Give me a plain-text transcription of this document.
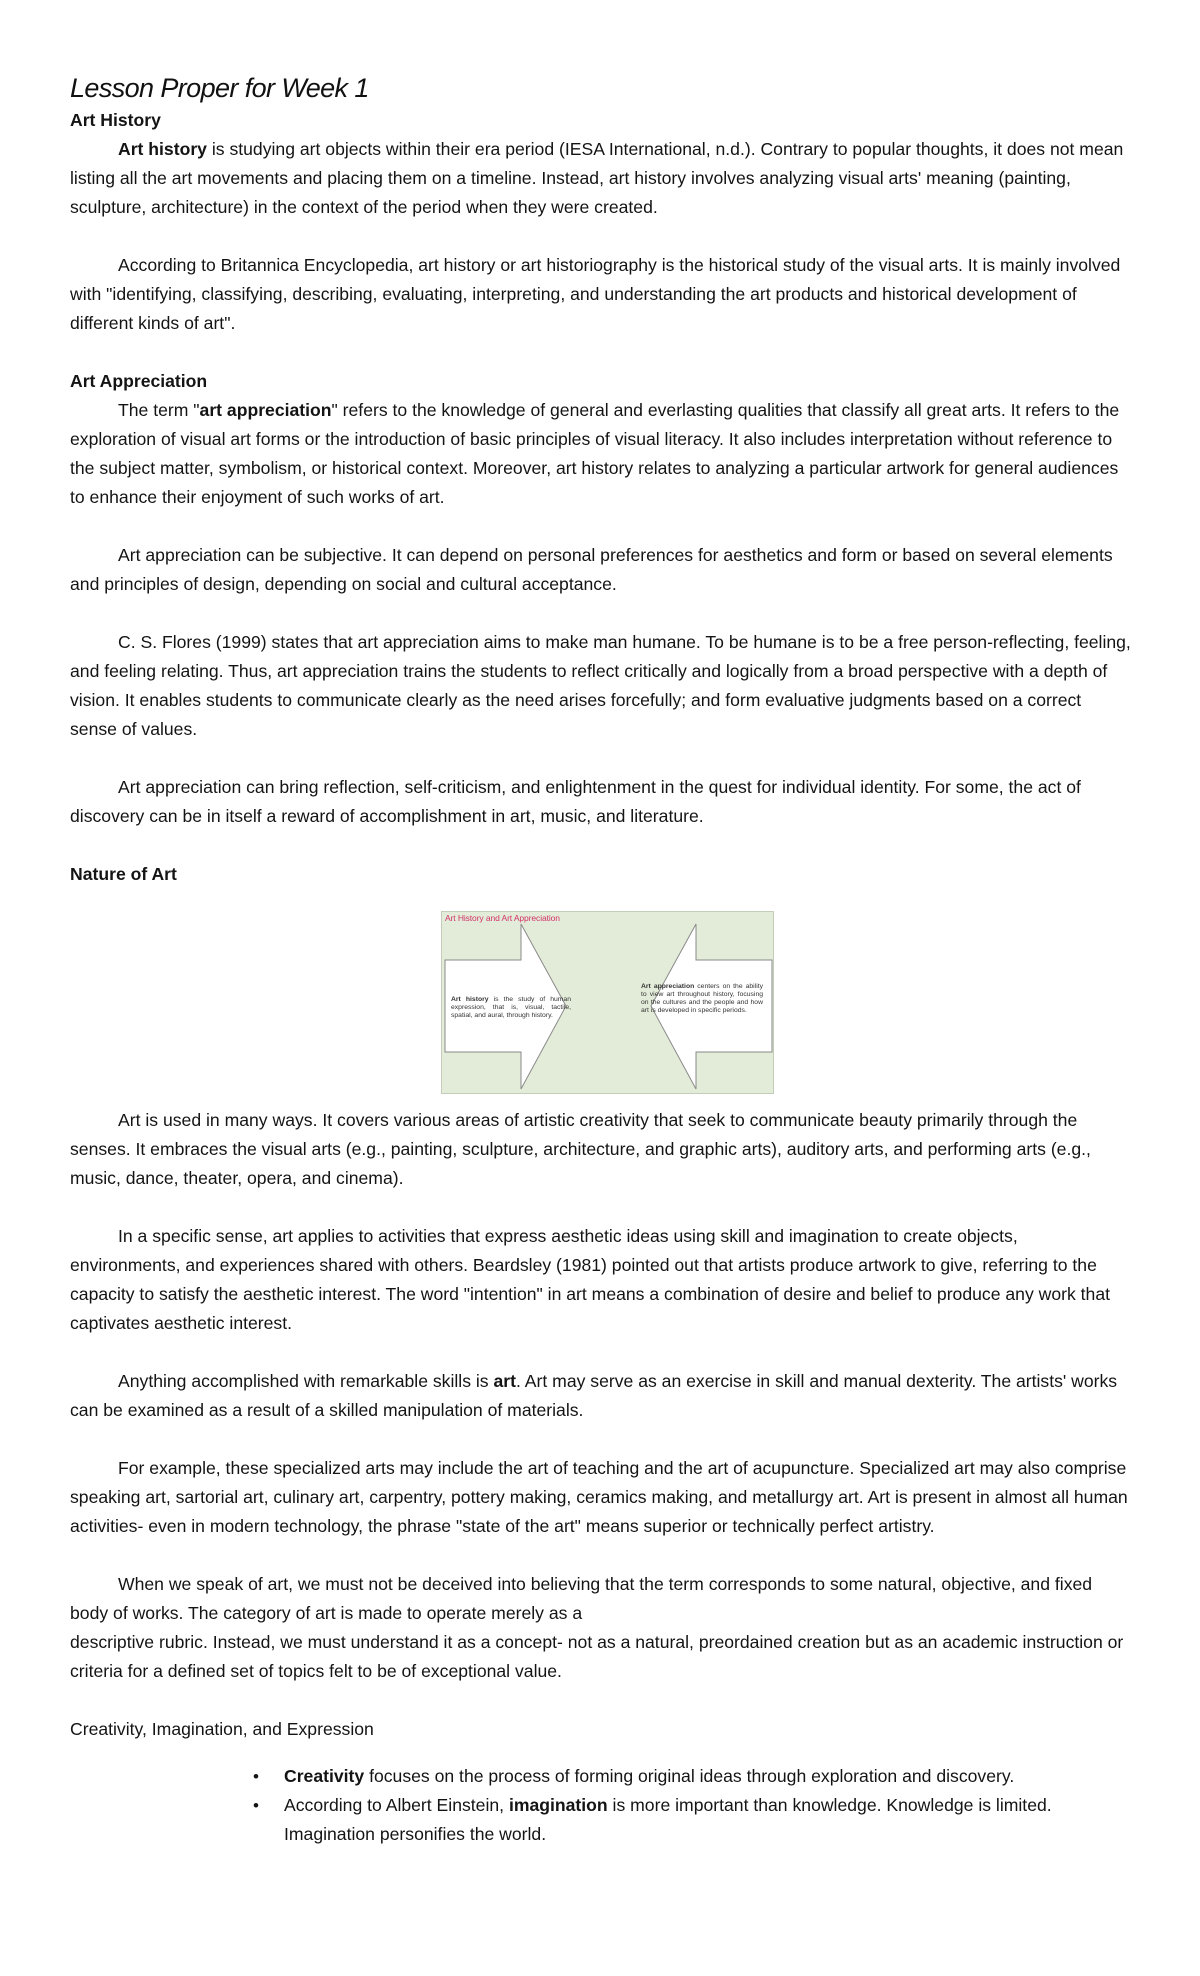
Lesson Proper for Week 1

Art History

Art history is studying art objects within their era period (IESA International, n.d.). Contrary to popular thoughts, it does not mean listing all the art movements and placing them on a timeline. Instead, art history involves analyzing visual arts' meaning (painting, sculpture, architecture) in the context of the period when they were created.

According to Britannica Encyclopedia, art history or art historiography is the historical study of the visual arts. It is mainly involved with "identifying, classifying, describing, evaluating, interpreting, and understanding the art products and historical development of different kinds of art".

Art Appreciation

The term "art appreciation" refers to the knowledge of general and everlasting qualities that classify all great arts. It refers to the exploration of visual art forms or the introduction of basic principles of visual literacy. It also includes interpretation without reference to the subject matter, symbolism, or historical context. Moreover, art history relates to analyzing a particular artwork for general audiences to enhance their enjoyment of such works of art.

Art appreciation can be subjective. It can depend on personal preferences for aesthetics and form or based on several elements and principles of design, depending on social and cultural acceptance.

C. S. Flores (1999) states that art appreciation aims to make man humane. To be humane is to be a free person-reflecting, feeling, and feeling relating. Thus, art appreciation trains the students to reflect critically and logically from a broad perspective with a depth of vision. It enables students to communicate clearly as the need arises forcefully; and form evaluative judgments based on a correct sense of values.

Art appreciation can bring reflection, self-criticism, and enlightenment in the quest for individual identity. For some, the act of discovery can be in itself a reward of accomplishment in art, music, and literature.

Nature of Art

Art History and Art Appreciation
Art history is the study of human expression, that is, visual, tactile, spatial, and aural, through history.
Art appreciation centers on the ability to view art throughout history, focusing on the cultures and the people and how art is developed in specific periods.

Art is used in many ways. It covers various areas of artistic creativity that seek to communicate beauty primarily through the senses. It embraces the visual arts (e.g., painting, sculpture, architecture, and graphic arts), auditory arts, and performing arts (e.g., music, dance, theater, opera, and cinema).

In a specific sense, art applies to activities that express aesthetic ideas using skill and imagination to create objects, environments, and experiences shared with others. Beardsley (1981) pointed out that artists produce artwork to give, referring to the capacity to satisfy the aesthetic interest. The word "intention" in art means a combination of desire and belief to produce any work that captivates aesthetic interest.

Anything accomplished with remarkable skills is art. Art may serve as an exercise in skill and manual dexterity. The artists' works can be examined as a result of a skilled manipulation of materials.

For example, these specialized arts may include the art of teaching and the art of acupuncture. Specialized art may also comprise speaking art, sartorial art, culinary art, carpentry, pottery making, ceramics making, and metallurgy art. Art is present in almost all human activities- even in modern technology, the phrase "state of the art" means superior or technically perfect artistry.

When we speak of art, we must not be deceived into believing that the term corresponds to some natural, objective, and fixed body of works. The category of art is made to operate merely as a

descriptive rubric. Instead, we must understand it as a concept- not as a natural, preordained creation but as an academic instruction or criteria for a defined set of topics felt to be of exceptional value.

Creativity, Imagination, and Expression

• Creativity focuses on the process of forming original ideas through exploration and discovery.
• According to Albert Einstein, imagination is more important than knowledge. Knowledge is limited. Imagination personifies the world.
